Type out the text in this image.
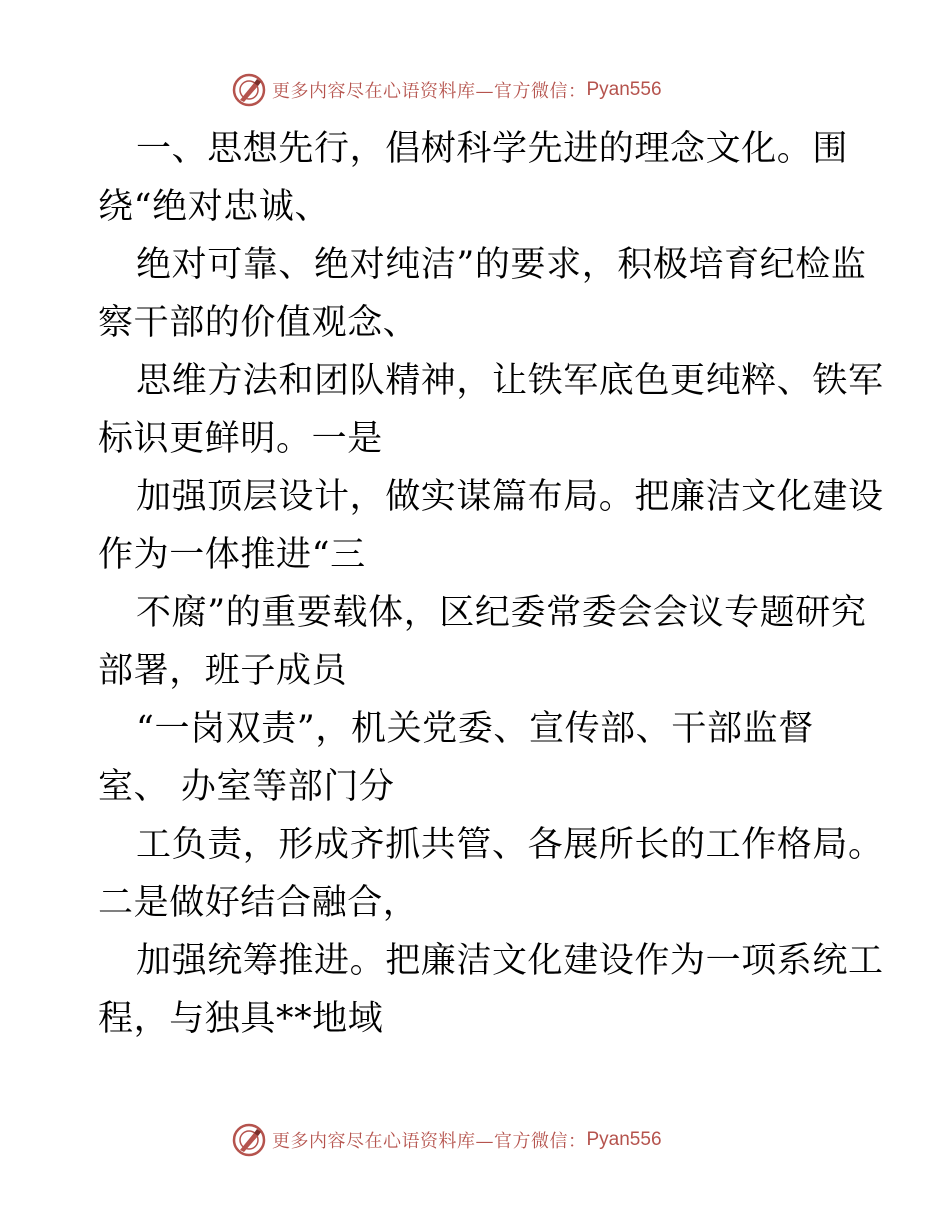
更多内容尽在心语资料库—官方微信： Pyan556
一、思想先行，倡树科学先进的理念文化。围
绕“绝对忠诚、
绝对可靠、绝对纯洁”的要求，积极培育纪检监
察干部的价值观念、
思维方法和团队精神，让铁军底色更纯粹、铁军
标识更鲜明。一是
加强顶层设计，做实谋篇布局。把廉洁文化建设
作为一体推进“三
不腐”的重要载体，区纪委常委会会议专题研究
部署，班子成员
“一岗双责”，机关党委、宣传部、干部监督
室、 办室等部门分
工负责，形成齐抓共管、各展所长的工作格局。
二是做好结合融合，
加强统筹推进。把廉洁文化建设作为一项系统工
程，与独具**地域
更多内容尽在心语资料库—官方微信： Pyan556
